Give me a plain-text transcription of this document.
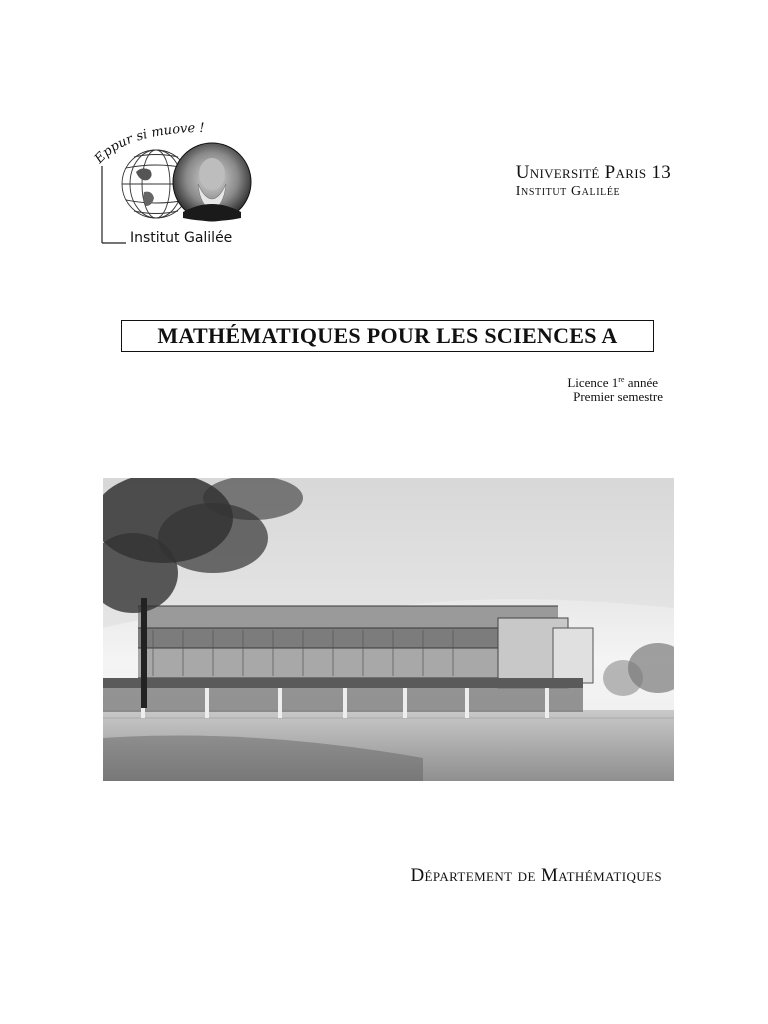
Eppur si muove !
Institut Galilée
Université Paris 13
Institut Galilée
MATHÉMATIQUES POUR LES SCIENCES A
Licence 1re année
Premier semestre
Département de Mathématiques
